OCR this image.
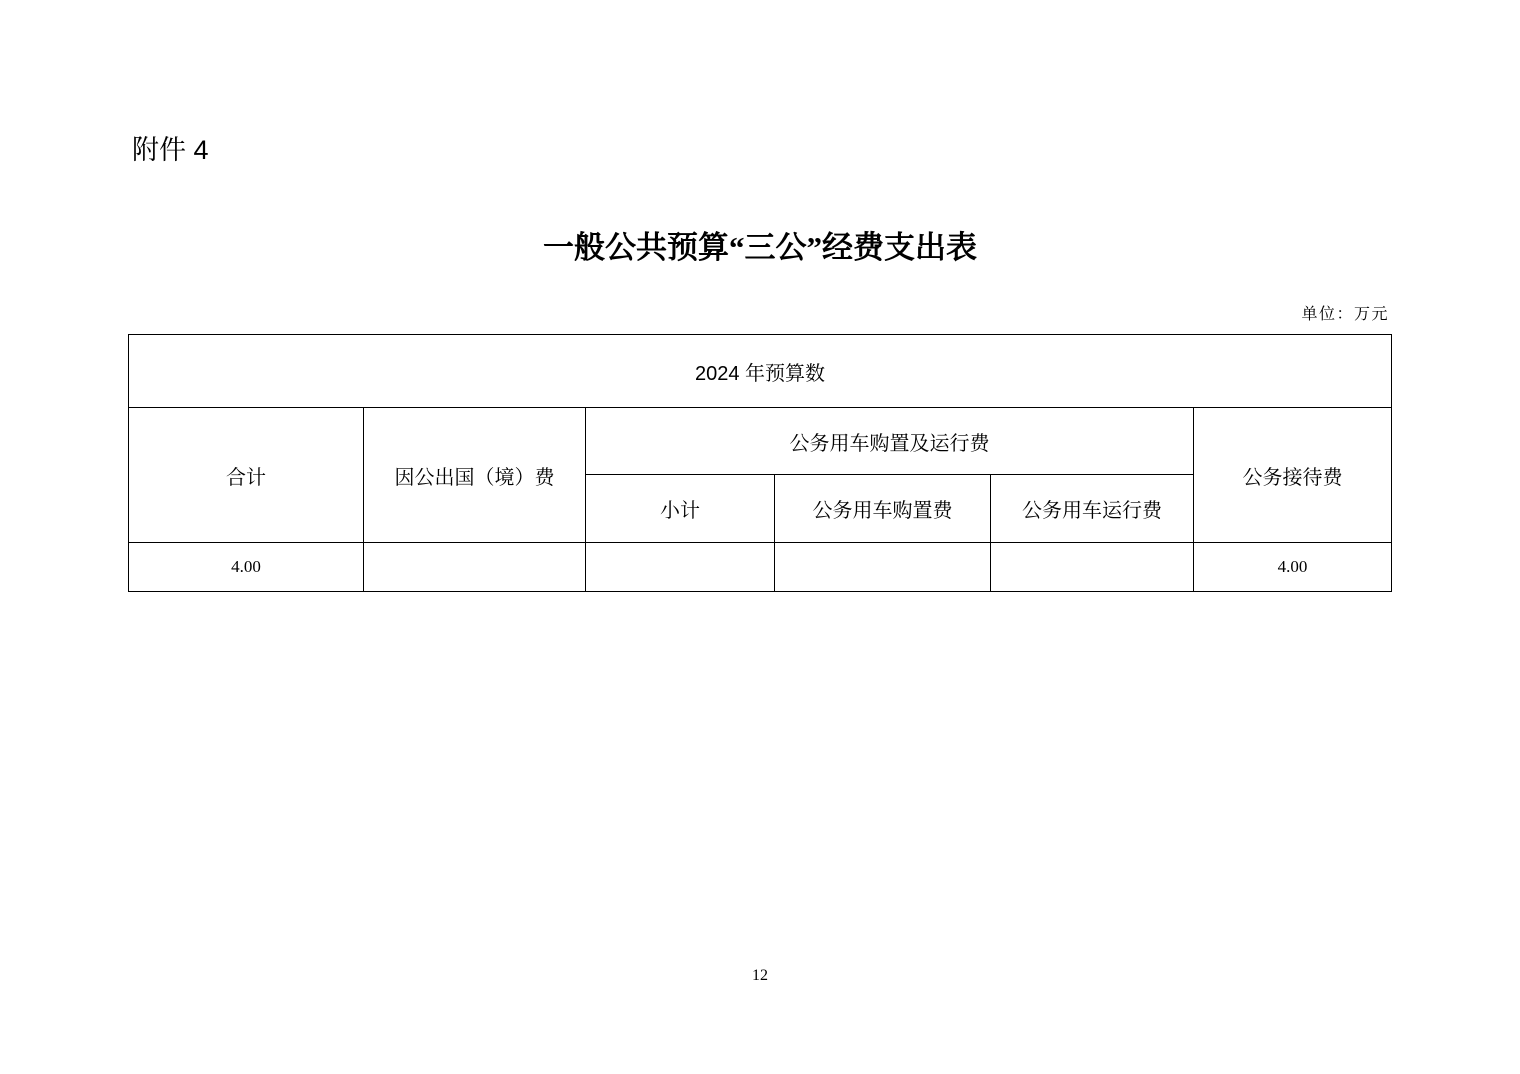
附件 4
一般公共预算“三公”经费支出表
单位：万元
2024 年预算数					
合计	因公出国（境）费	公务用车购置及运行费			公务接待费
		小计	公务用车购置费	公务用车运行费	
4.00					4.00
12
